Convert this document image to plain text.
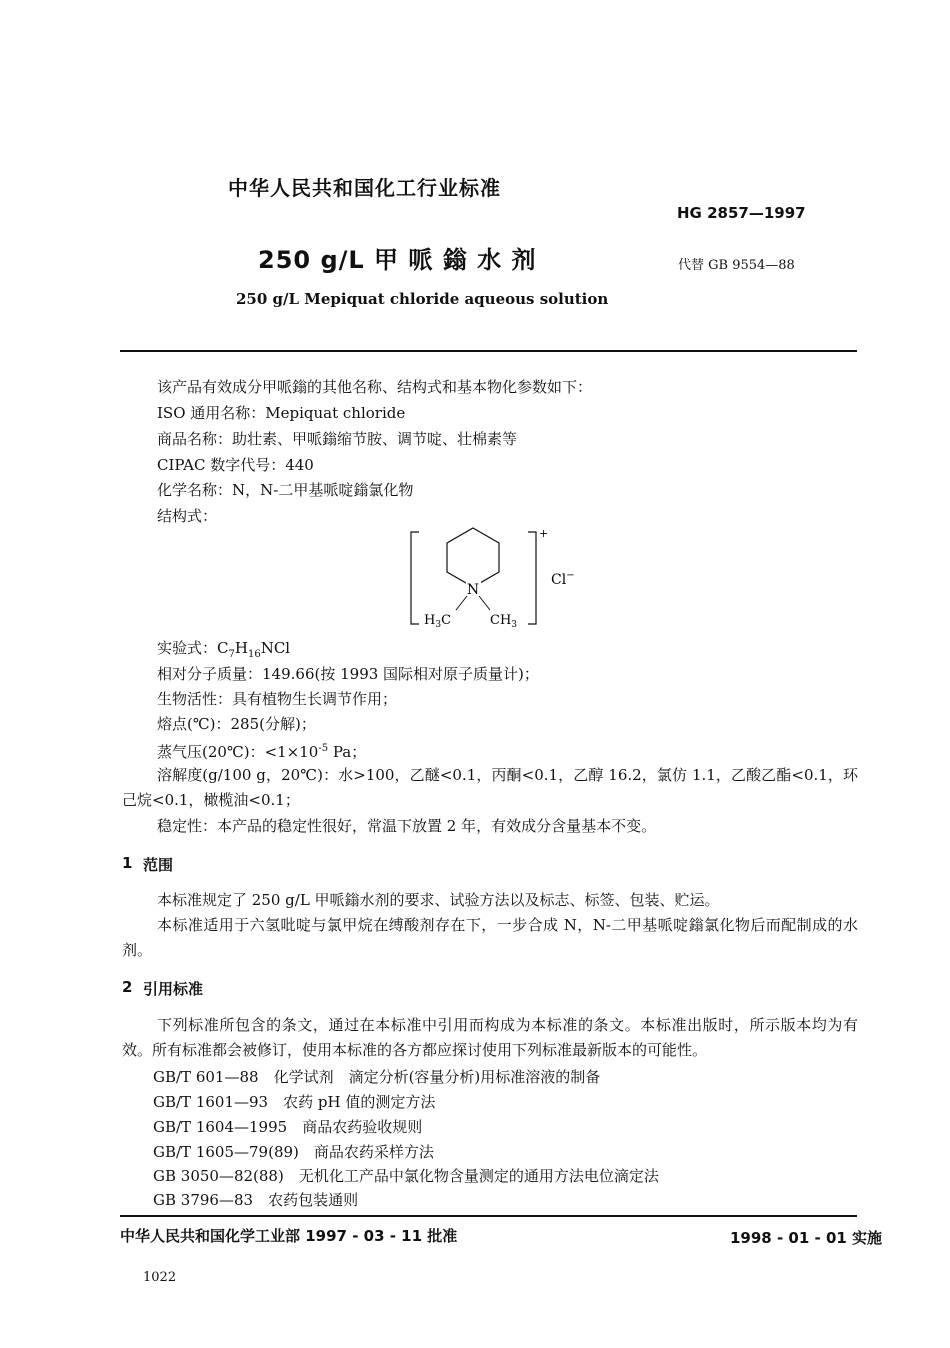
中华人民共和国化工行业标准
HG 2857—1997
250 g/L 甲 哌 鎓 水 剂	代替 GB 9554—88
250 g/L Mepiquat chloride aqueous solution
该产品有效成分甲哌鎓的其他名称、结构式和基本物化参数如下：
ISO 通用名称：Mepiquat chloride
商品名称：助壮素、甲哌鎓缩节胺、调节啶、壮棉素等
CIPAC 数字代号：440
化学名称：N，N-二甲基哌啶鎓氯化物
结构式：
N
+
$H_3C$	$CH_3$
Cl−
实验式：$C_7H_{16}NCl$
相对分子质量：149.66(按 1993 国际相对原子质量计)；
生物活性：具有植物生长调节作用；
熔点(℃)：285(分解)；
蒸气压(20℃)：$<1\times 10^{-5}$ Pa；
溶解度(g/100 g，20℃)：水>100，乙醚<0.1，丙酮<0.1，乙醇 16.2，氯仿 1.1，乙酸乙酯<0.1，环己烷<0.1，橄榄油<0.1；
稳定性：本产品的稳定性很好，常温下放置 2 年，有效成分含量基本不变。
1 范围
本标准规定了 250 g/L 甲哌鎓水剂的要求、试验方法以及标志、标签、包装、贮运。
本标准适用于六氢吡啶与氯甲烷在缚酸剂存在下，一步合成 N，N-二甲基哌啶鎓氯化物后而配制成的水剂。
2 引用标准
下列标准所包含的条文，通过在本标准中引用而构成为本标准的条文。本标准出版时，所示版本均为有效。所有标准都会被修订，使用本标准的各方都应探讨使用下列标准最新版本的可能性。
GB/T 601—88　 化学试剂　滴定分析(容量分析)用标准溶液的制备
GB/T 1601—93　 农药 pH 值的测定方法
GB/T 1604—1995　 商品农药验收规则
GB/T 1605—79(89)　 商品农药采样方法
GB 3050—82(88)　 无机化工产品中氯化物含量测定的通用方法电位滴定法
GB 3796—83　 农药包装通则
中华人民共和国化学工业部 1997 - 03 - 11 批准	1998 - 01 - 01 实施
1022
